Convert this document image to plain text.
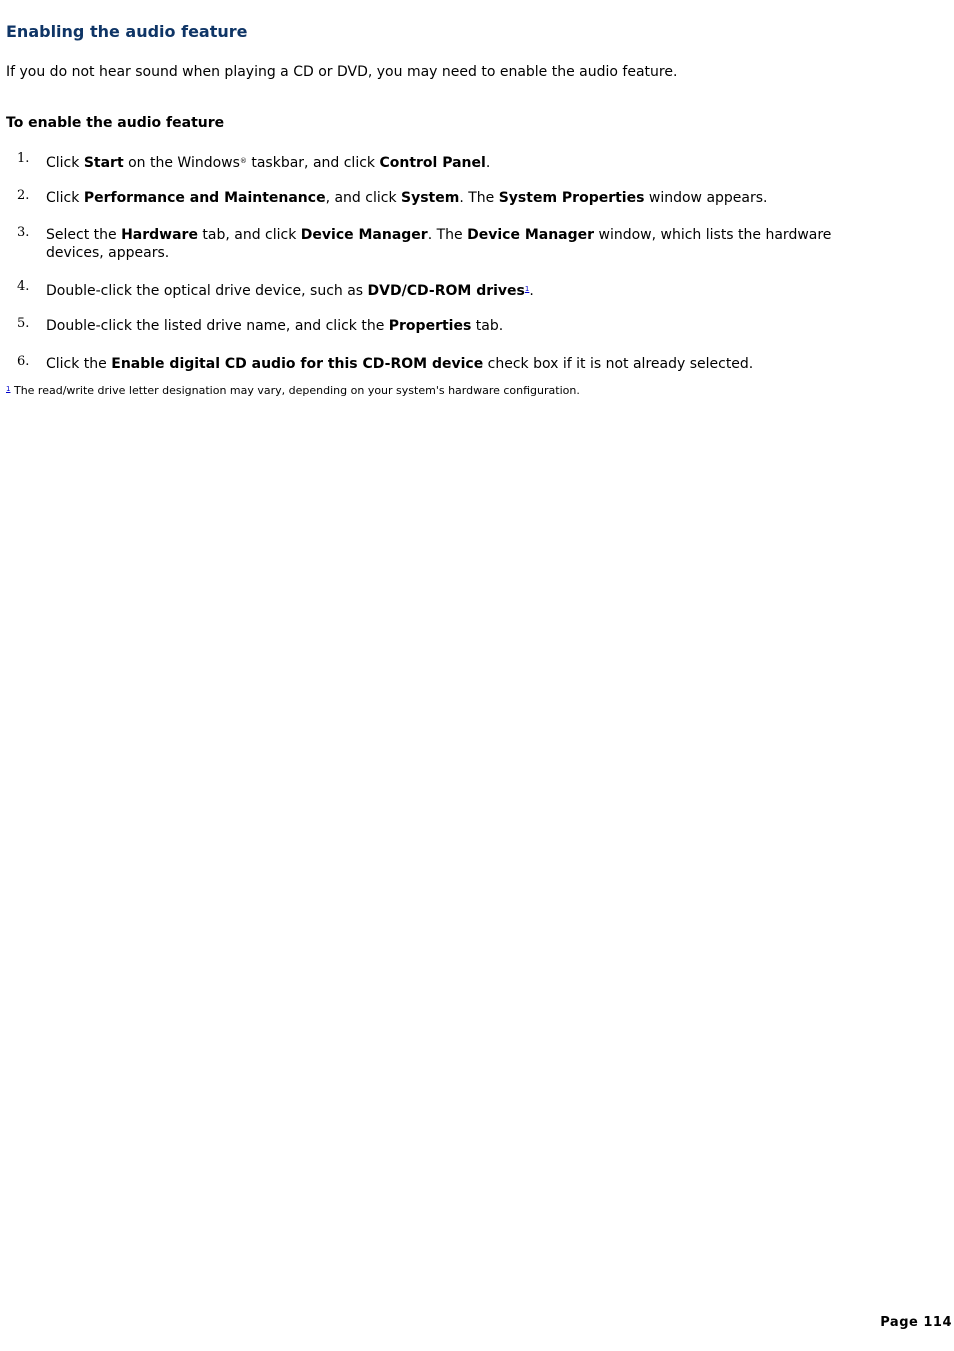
Enabling the audio feature

If you do not hear sound when playing a CD or DVD, you may need to enable the audio feature.

To enable the audio feature
1. Click Start on the Windows® taskbar, and click Control Panel.
2. Click Performance and Maintenance, and click System. The System Properties window appears.
3. Select the Hardware tab, and click Device Manager. The Device Manager window, which lists the hardware devices, appears.
4. Double-click the optical drive device, such as DVD/CD-ROM drives$^1$.
5. Double-click the listed drive name, and click the Properties tab.
6. Click the Enable digital CD audio for this CD-ROM device check box if it is not already selected.
$^1$ The read/write drive letter designation may vary, depending on your system's hardware configuration.
Page 114
